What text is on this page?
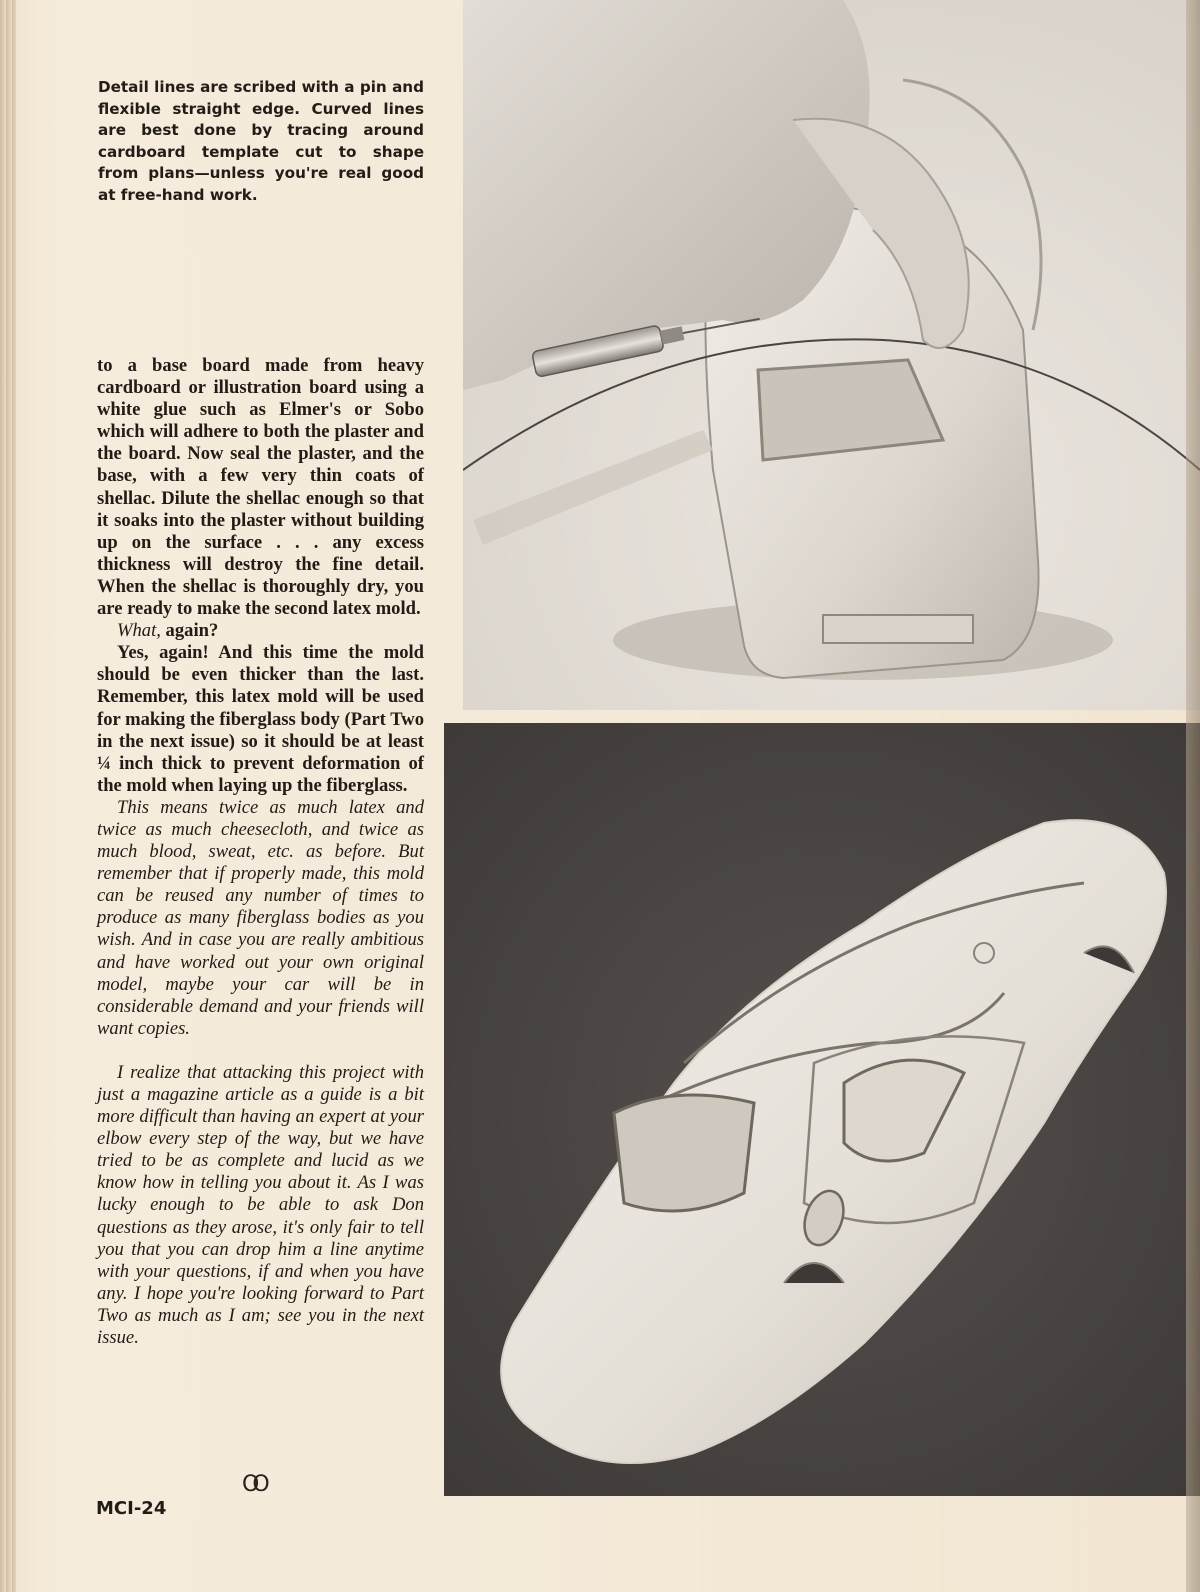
Detail lines are scribed with a pin and flexible straight edge. Curved lines are best done by tracing around cardboard template cut to shape from plans—unless you're real good at free-hand work.

to a base board made from heavy cardboard or illustration board using a white glue such as Elmer's or Sobo which will adhere to both the plaster and the board. Now seal the plaster, and the base, with a few very thin coats of shellac. Dilute the shellac enough so that it soaks into the plaster without building up on the surface . . . any excess thickness will destroy the fine detail. When the shellac is thoroughly dry, you are ready to make the second latex mold.

What, again?

Yes, again! And this time the mold should be even thicker than the last. Remember, this latex mold will be used for making the fiberglass body (Part Two in the next issue) so it should be at least ¼ inch thick to prevent deformation of the mold when laying up the fiberglass.

This means twice as much latex and twice as much cheesecloth, and twice as much blood, sweat, etc. as before. But remember that if properly made, this mold can be reused any number of times to produce as many fiberglass bodies as you wish. And in case you are really ambitious and have worked out your own original model, maybe your car will be in considerable demand and your friends will want copies.

I realize that attacking this project with just a magazine article as a guide is a bit more difficult than having an expert at your elbow every step of the way, but we have tried to be as complete and lucid as we know how in telling you about it. As I was lucky enough to be able to ask Don questions as they arose, it's only fair to tell you that you can drop him a line anytime with your questions, if and when you have any. I hope you're looking forward to Part Two as much as I am; see you in the next issue.

OO
MCI-24
